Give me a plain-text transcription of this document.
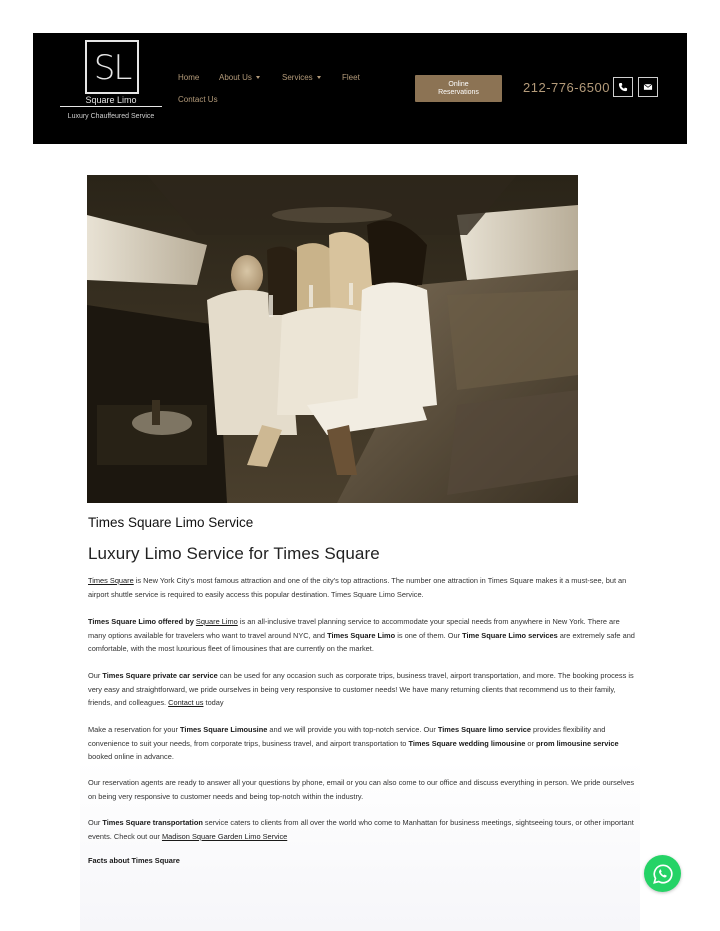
SL
Square Limo
Luxury Chauffeured Service
Home About Us	Services	Fleet
Contact Us
Online
Reservations	212-776-6500
Times Square Limo Service
Luxury Limo Service for Times Square
Times Square is New York City’s most famous attraction and one of the city’s top attractions. The number one attraction in Times Square makes it a must-see, but an airport shuttle service is required to easily access this popular destination. Times Square Limo Service.
Times Square Limo offered by Square Limo is an all-inclusive travel planning service to accommodate your special needs from anywhere in New York. There are many options available for travelers who want to travel around NYC, and Times Square Limo is one of them. Our Time Square Limo services are extremely safe and comfortable, with the most luxurious fleet of limousines that are currently on the market.
Our Times Square private car service can be used for any occasion such as corporate trips, business travel, airport transportation, and more. The booking process is very easy and straightforward, we pride ourselves in being very responsive to customer needs! We have many returning clients that recommend us to their family, friends, and colleagues. Contact us today
Make a reservation for your Times Square Limousine and we will provide you with top-notch service. Our Times Square limo service provides flexibility and convenience to suit your needs, from corporate trips, business travel, and airport transportation to Times Square wedding limousine or prom limousine service booked online in advance.
Our reservation agents are ready to answer all your questions by phone, email or you can also come to our office and discuss everything in person. We pride ourselves on being very responsive to customer needs and being top-notch within the industry.
Our Times Square transportation service caters to clients from all over the world who come to Manhattan for business meetings, sightseeing tours, or other important events. Check out our Madison Square Garden Limo Service
Facts about Times Square
